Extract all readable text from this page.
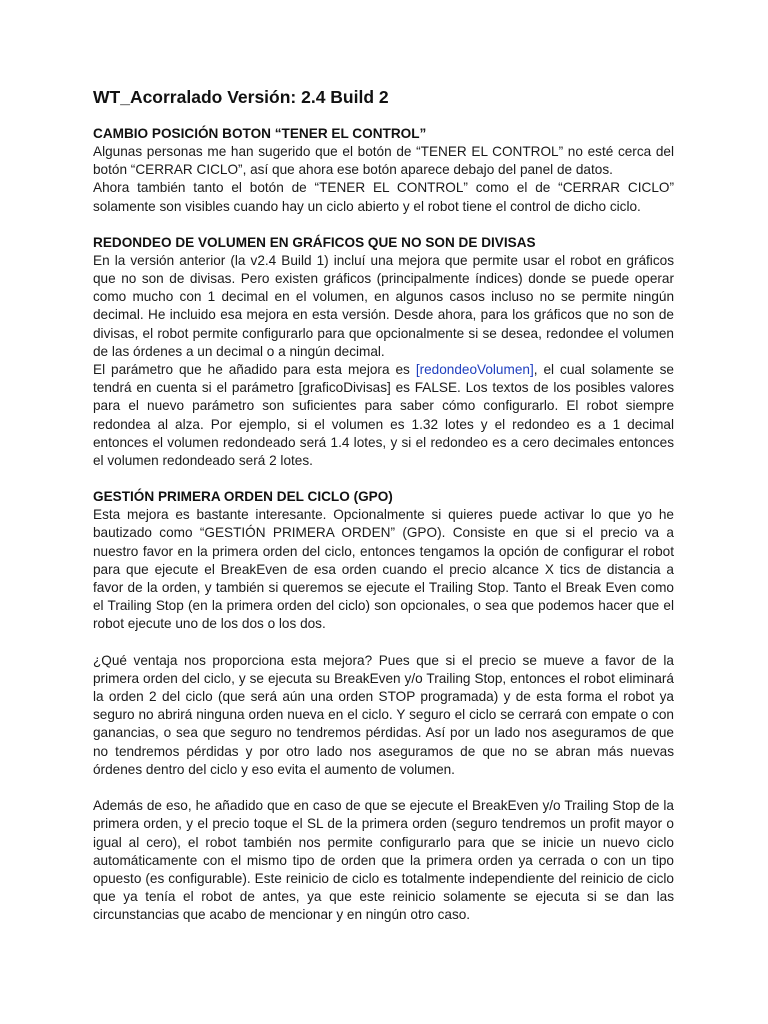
WT_Acorralado Versión: 2.4 Build 2
CAMBIO POSICIÓN BOTON “TENER EL CONTROL”

Algunas personas me han sugerido que el botón de “TENER EL CONTROL” no esté cerca del botón “CERRAR CICLO”, así que ahora ese botón aparece debajo del panel de datos.

Ahora también tanto el botón de “TENER EL CONTROL” como el de “CERRAR CICLO” solamente son visibles cuando hay un ciclo abierto y el robot tiene el control de dicho ciclo.

REDONDEO DE VOLUMEN EN GRÁFICOS QUE NO SON DE DIVISAS

En la versión anterior (la v2.4 Build 1) incluí una mejora que permite usar el robot en gráficos que no son de divisas. Pero existen gráficos (principalmente índices) donde se puede operar como mucho con 1 decimal en el volumen, en algunos casos incluso no se permite ningún decimal. He incluido esa mejora en esta versión. Desde ahora, para los gráficos que no son de divisas, el robot permite configurarlo para que opcionalmente si se desea, redondee el volumen de las órdenes a un decimal o a ningún decimal.

El parámetro que he añadido para esta mejora es [redondeoVolumen], el cual solamente se tendrá en cuenta si el parámetro [graficoDivisas] es FALSE. Los textos de los posibles valores para el nuevo parámetro son suficientes para saber cómo configurarlo. El robot siempre redondea al alza. Por ejemplo, si el volumen es 1.32 lotes y el redondeo es a 1 decimal entonces el volumen redondeado será 1.4 lotes, y si el redondeo es a cero decimales entonces el volumen redondeado será 2 lotes.

GESTIÓN PRIMERA ORDEN DEL CICLO (GPO)

Esta mejora es bastante interesante. Opcionalmente si quieres puede activar lo que yo he bautizado como “GESTIÓN PRIMERA ORDEN” (GPO). Consiste en que si el precio va a nuestro favor en la primera orden del ciclo, entonces tengamos la opción de configurar el robot para que ejecute el BreakEven de esa orden cuando el precio alcance X tics de distancia a favor de la orden, y también si queremos se ejecute el Trailing Stop. Tanto el Break Even como el Trailing Stop (en la primera orden del ciclo) son opcionales, o sea que podemos hacer que el robot ejecute uno de los dos o los dos.

¿Qué ventaja nos proporciona esta mejora? Pues que si el precio se mueve a favor de la primera orden del ciclo, y se ejecuta su BreakEven y/o Trailing Stop, entonces el robot eliminará la orden 2 del ciclo (que será aún una orden STOP programada) y de esta forma el robot ya seguro no abrirá ninguna orden nueva en el ciclo. Y seguro el ciclo se cerrará con empate o con ganancias, o sea que seguro no tendremos pérdidas. Así por un lado nos aseguramos de que no tendremos pérdidas y por otro lado nos aseguramos de que no se abran más nuevas órdenes dentro del ciclo y eso evita el aumento de volumen.

Además de eso, he añadido que en caso de que se ejecute el BreakEven y/o Trailing Stop de la primera orden, y el precio toque el SL de la primera orden (seguro tendremos un profit mayor o igual al cero), el robot también nos permite configurarlo para que se inicie un nuevo ciclo automáticamente con el mismo tipo de orden que la primera orden ya cerrada o con un tipo opuesto (es configurable). Este reinicio de ciclo es totalmente independiente del reinicio de ciclo que ya tenía el robot de antes, ya que este reinicio solamente se ejecuta si se dan las circunstancias que acabo de mencionar y en ningún otro caso.
